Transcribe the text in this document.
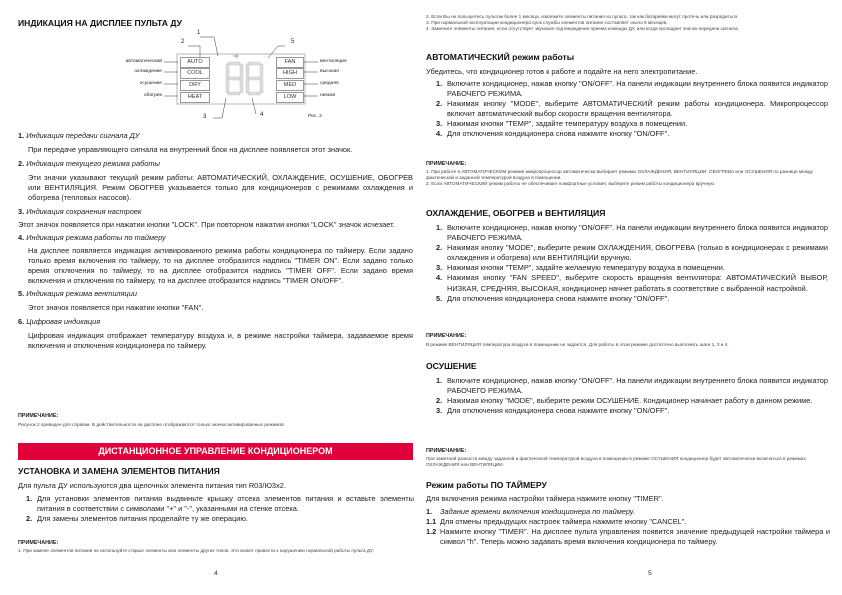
ИНДИКАЦИЯ НА ДИСПЛЕЕ ПУЛЬТА ДУ
1
2
3	4
5
автоматический
охлаждение
осушение
обогрев
AUTO
COOL
DRY
HEAT
FAN
HIGH
MED
LOW
вентиляция
высокая
средняя
низкая
Рис. 2
1. Индикация передачи сигнала ДУ
При передаче управляющего сигнала на внутренний блок на дисплее появляется этот значок.
2. Индикация текущего режима работы
Эти значки указывают текущий режим работы: АВТОМАТИЧЕСКИЙ, ОХЛАЖДЕНИЕ, ОСУШЕНИЕ, ОБОГРЕВ или ВЕНТИЛЯЦИЯ. Режим ОБОГРЕВ указывается только для кондиционеров с режимами охлаждения и обогрева (тепловых насосов).
3. Индикация сохранения настроек
Этот значок появляется при нажатии кнопки "LOCK". При повторном нажатии кнопки "LOCK" значок исчезает.
4. Индикация режима работы по таймеру
На дисплее появляется индикация активированного режима работы кондиционера по таймеру. Если задано только время включения по таймеру, то на дисплее отобразится надпись "TIMER ON". Если задано только время отключения по таймеру, то на дисплее отобразится надпись "TIMER OFF". Если задано время включения и отключения по таймеру, то на дисплее отобразится надпись "TIMER ON/OFF".
5. Индикация режима вентиляции
Этот значок появляется при нажатии кнопки "FAN".
6. Цифровая индикация
Цифровая индикация отображает температуру воздуха и, в режиме настройки таймера, задаваемое время включения и отключения кондиционера по таймеру.
ПРИМЕЧАНИЕ:
Рисунок 2 приведен для справки. В действительности на дисплее отображаются только значки активированных режимов.
ДИСТАНЦИОННОЕ УПРАВЛЕНИЕ КОНДИЦИОНЕРОМ
УСТАНОВКА И ЗАМЕНА ЭЛЕМЕНТОВ ПИТАНИЯ
Для пульта ДУ используются два щелочных элемента питания тип R03/Ю3х2.
1. Для установки элементов питания выдвиньте крышку отсека элементов питания и вставьте элементы питания в соответствии с символами "+" и "-", указанными на стенке отсека.
2. Для замены элементов питания проделайте ту же операцию.
ПРИМЕЧАНИЕ:
1. При замене элементов питания не используйте старые элементы или элементы других типов. Это может привести к нарушению нормальной работы пульта ДУ.
4
2. Если Вы не пользуетесь пультом более 1 месяца, извлеките элементы питания из пульта, так как батарейки могут протечь или разрядиться.
3. При нормальной эксплуатации кондиционера срок службы элементов питания составляет около 6 месяцев.
4. Замените элементы питания, если отсутствует звуковое подтверждение приема команды ДУ, или когда пропадает значок передачи сигнала.
АВТОМАТИЧЕСКИЙ режим работы
Убедитесь, что кондиционер готов к работе и подайте на него электропитание.
1. Включите кондиционер, нажав кнопку "ON/OFF". На панели индикации внутреннего блока появится индикатор РАБОЧЕГО РЕЖИМА.
2. Нажимая кнопку "MODE", выберите АВТОМАТИЧЕСКИЙ режим работы кондиционера. Микропроцессор включит автоматический выбор скорости вращения вентилятора.
3. Нажимая кнопки "TEMP", задайте температуру воздуха в помещении.
4. Для отключения кондиционера снова нажмите кнопку "ON/OFF".
ПРИМЕЧАНИЕ:
1. При работе в АВТОМАТИЧЕСКОМ режиме микропроцессор автоматически выбирает режимы ОХЛАЖДЕНИЯ, ВЕНТИЛЯЦИИ, ОБОГРЕВА или ОСУШЕНИЯ по разнице между фактической и заданной температурой воздуха в помещении.
2. Если АВТОМАТИЧЕСКИЙ режим работы не обеспечивает комфортные условия, выберите режим работы кондиционера вручную.
ОХЛАЖДЕНИЕ, ОБОГРЕВ и ВЕНТИЛЯЦИЯ
1. Включите кондиционер, нажав кнопку "ON/OFF". На панели индикации внутреннего блока появится индикатор РАБОЧЕГО РЕЖИМА.
2. Нажимая кнопку "MODE", выберите режим ОХЛАЖДЕНИЯ, ОБОГРЕВА (только в кондиционерах с режимами охлаждения и обогрева) или ВЕНТИЛЯЦИИ вручную.
3. Нажимая кнопки "TEMP", задайте желаемую температуру воздуха в помещении.
4. Нажимая кнопку "FAN SPEED", выберите скорость вращения вентилятора: АВТОМАТИЧЕСКИЙ ВЫБОР, НИЗКАЯ, СРЕДНЯЯ, ВЫСОКАЯ, кондиционер начнет работать в соответствие с выбранной настройкой.
5. Для отключения кондиционера снова нажмите кнопку "ON/OFF".
ПРИМЕЧАНИЕ:
В режиме ВЕНТИЛЯЦИЯ температура воздуха в помещении не задается. Для работы в этом режиме достаточно выполнить шаги 1, 3 и 4.
ОСУШЕНИЕ
1. Включите кондиционер, нажав кнопку "ON/OFF". На панели индикации внутреннего блока появится индикатор РАБОЧЕГО РЕЖИМА.
2. Нажимая кнопку "MODE", выберите режим ОСУШЕНИЕ. Кондиционер начинает работу в данном режиме.
3. Для отключения кондиционера снова нажмите кнопку "ON/OFF".
ПРИМЕЧАНИЕ:
При заметной разности между заданной и фактической температурой воздуха в помещении в режиме ОСУШЕНИЯ кондиционер будет автоматически включаться в режимах ОХЛАЖДЕНИЯ или ВЕНТИЛЯЦИИ.
Режим работы ПО ТАЙМЕРУ
Для включения режима настройки таймера нажмите кнопку "TIMER".
1.	Задание времени включения кондиционера по таймеру.
1.1 Для отмены предыдущих настроек таймера нажмите кнопку "CANCEL".
1.2 Нажмите кнопку "TIMER". На дисплее пульта управления появится значение предыдущей настройки таймера и символ "h". Теперь можно задавать время включения кондиционера по таймеру.
5
